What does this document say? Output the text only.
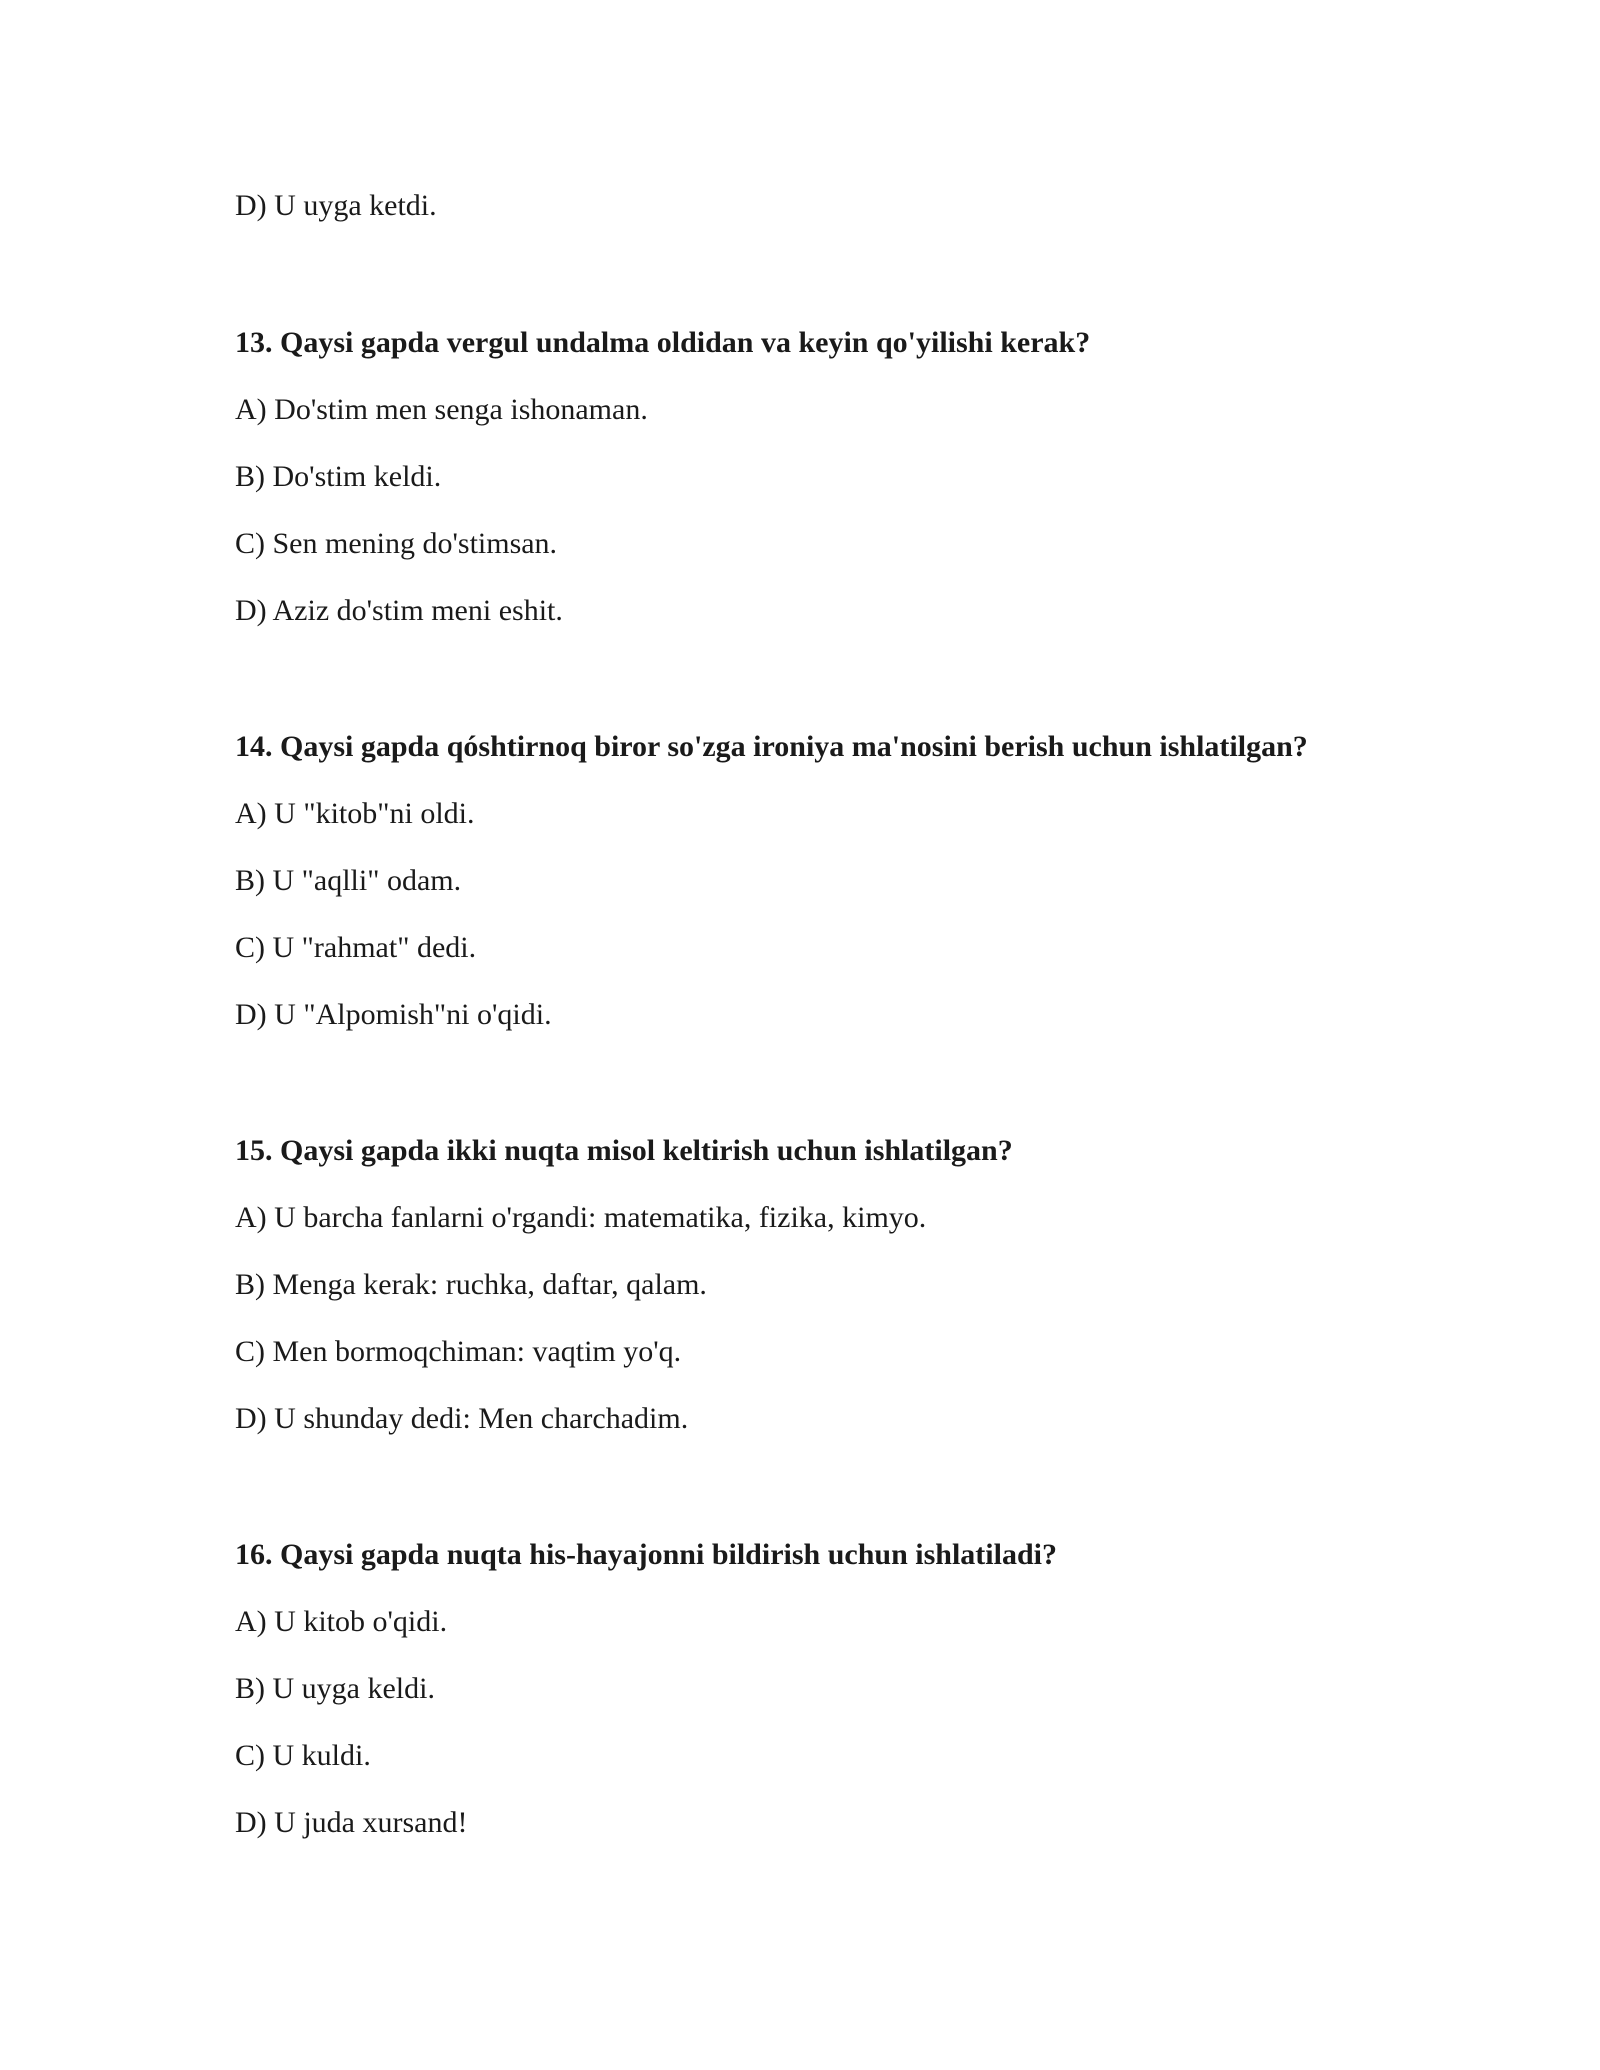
D) U uyga ketdi.
13. Qaysi gapda vergul undalma oldidan va keyin qo'yilishi kerak?
A) Do'stim men senga ishonaman.
B) Do'stim keldi.
C) Sen mening do'stimsan.
D) Aziz do'stim meni eshit.
14. Qaysi gapda qóshtirnoq biror so'zga ironiya ma'nosini berish uchun ishlatilgan?
A) U "kitob"ni oldi.
B) U "aqlli" odam.
C) U "rahmat" dedi.
D) U "Alpomish"ni o'qidi.
15. Qaysi gapda ikki nuqta misol keltirish uchun ishlatilgan?
A) U barcha fanlarni o'rgandi: matematika, fizika, kimyo.
B) Menga kerak: ruchka, daftar, qalam.
C) Men bormoqchiman: vaqtim yo'q.
D) U shunday dedi: Men charchadim.
16. Qaysi gapda nuqta his-hayajonni bildirish uchun ishlatiladi?
A) U kitob o'qidi.
B) U uyga keldi.
C) U kuldi.
D) U juda xursand!
